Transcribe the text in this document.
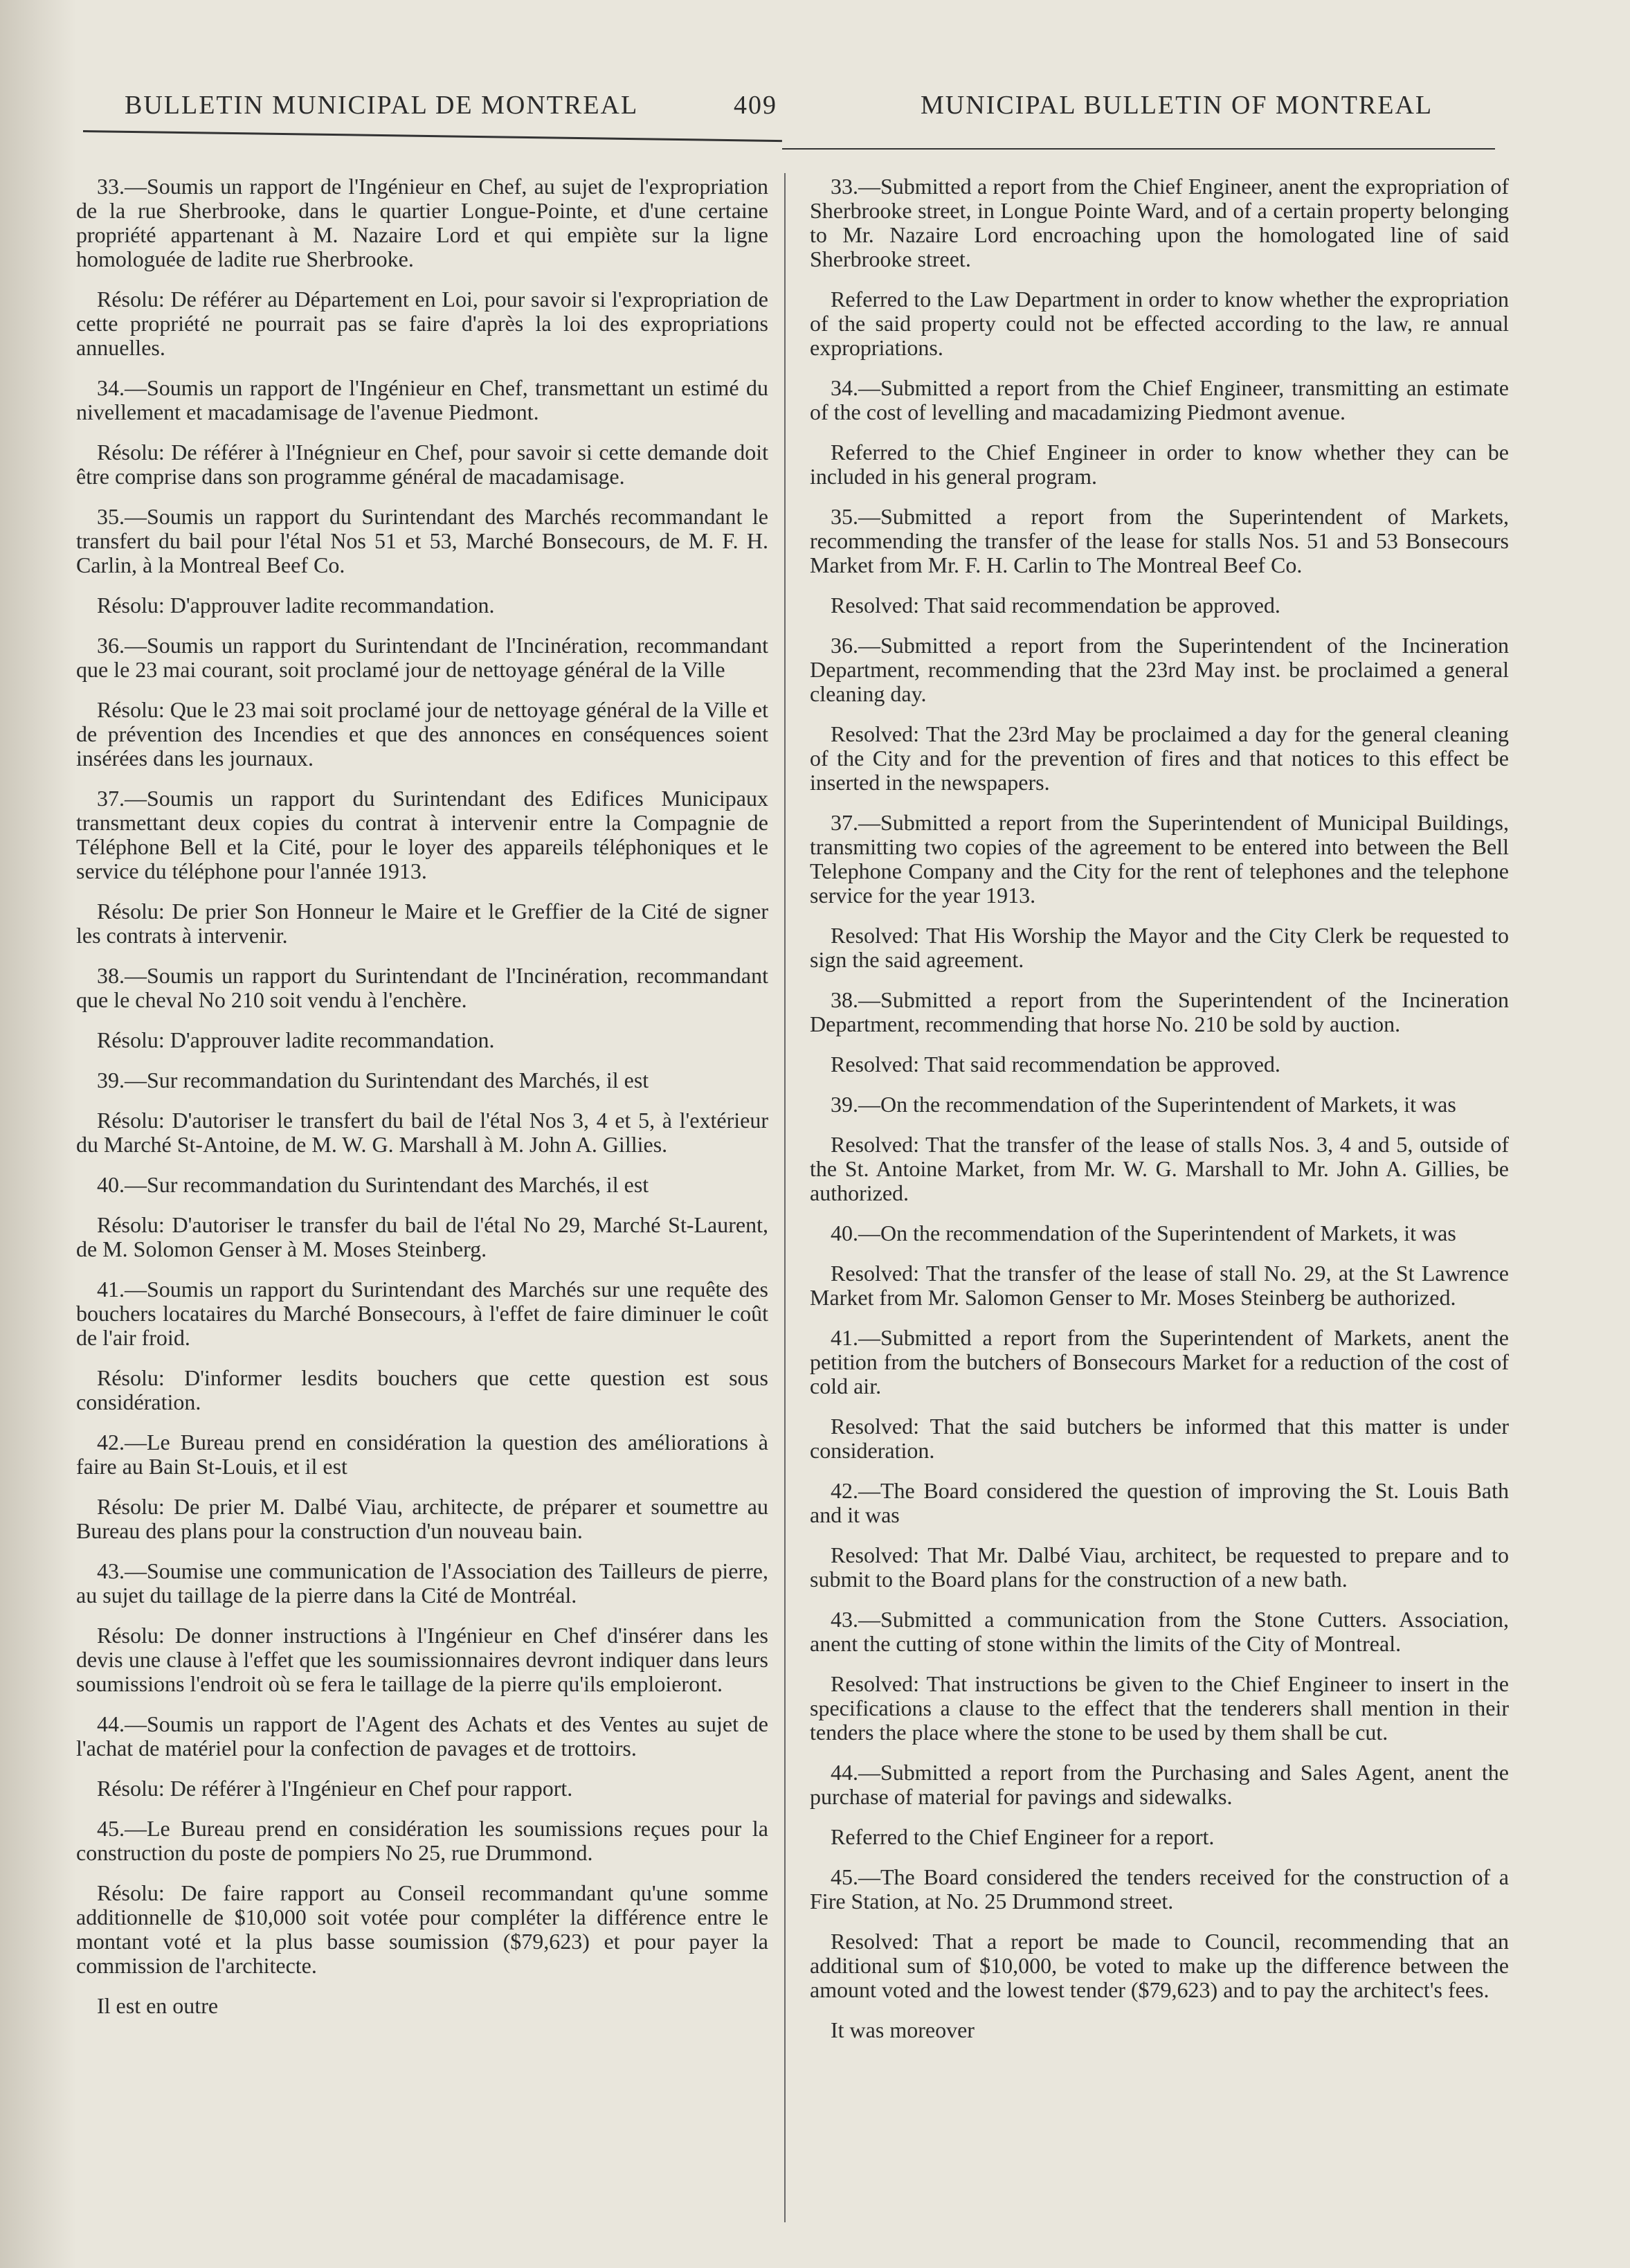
BULLETIN MUNICIPAL DE MONTREAL	409	MUNICIPAL BULLETIN OF MONTREAL

33.—Soumis un rapport de l'Ingénieur en Chef, au sujet de l'expropriation de la rue Sherbrooke, dans le quartier Longue-Pointe, et d'une certaine propriété appartenant à M. Nazaire Lord et qui empiète sur la ligne homologuée de ladite rue Sherbrooke.

Résolu: De référer au Département en Loi, pour savoir si l'expropriation de cette propriété ne pourrait pas se faire d'après la loi des expropriations annuelles.

34.—Soumis un rapport de l'Ingénieur en Chef, transmettant un estimé du nivellement et macadamisage de l'avenue Piedmont.

Résolu: De référer à l'Inégnieur en Chef, pour savoir si cette demande doit être comprise dans son programme général de macadamisage.

35.—Soumis un rapport du Surintendant des Marchés recommandant le transfert du bail pour l'étal Nos 51 et 53, Marché Bonsecours, de M. F. H. Carlin, à la Montreal Beef Co.

Résolu: D'approuver ladite recommandation.

36.—Soumis un rapport du Surintendant de l'Incinération, recommandant que le 23 mai courant, soit proclamé jour de nettoyage général de la Ville

Résolu: Que le 23 mai soit proclamé jour de nettoyage général de la Ville et de prévention des Incendies et que des annonces en conséquences soient insérées dans les journaux.

37.—Soumis un rapport du Surintendant des Edifices Municipaux transmettant deux copies du contrat à intervenir entre la Compagnie de Téléphone Bell et la Cité, pour le loyer des appareils téléphoniques et le service du téléphone pour l'année 1913.

Résolu: De prier Son Honneur le Maire et le Greffier de la Cité de signer les contrats à intervenir.

38.—Soumis un rapport du Surintendant de l'Incinération, recommandant que le cheval No 210 soit vendu à l'enchère.

Résolu: D'approuver ladite recommandation.

39.—Sur recommandation du Surintendant des Marchés, il est

Résolu: D'autoriser le transfert du bail de l'étal Nos 3, 4 et 5, à l'extérieur du Marché St-Antoine, de M. W. G. Marshall à M. John A. Gillies.

40.—Sur recommandation du Surintendant des Marchés, il est

Résolu: D'autoriser le transfer du bail de l'étal No 29, Marché St-Laurent, de M. Solomon Genser à M. Moses Steinberg.

41.—Soumis un rapport du Surintendant des Marchés sur une requête des bouchers locataires du Marché Bonsecours, à l'effet de faire diminuer le coût de l'air froid.

Résolu: D'informer lesdits bouchers que cette question est sous considération.

42.—Le Bureau prend en considération la question des améliorations à faire au Bain St-Louis, et il est

Résolu: De prier M. Dalbé Viau, architecte, de préparer et soumettre au Bureau des plans pour la construction d'un nouveau bain.

43.—Soumise une communication de l'Association des Tailleurs de pierre, au sujet du taillage de la pierre dans la Cité de Montréal.

Résolu: De donner instructions à l'Ingénieur en Chef d'insérer dans les devis une clause à l'effet que les soumissionnaires devront indiquer dans leurs soumissions l'endroit où se fera le taillage de la pierre qu'ils emploieront.

44.—Soumis un rapport de l'Agent des Achats et des Ventes au sujet de l'achat de matériel pour la confection de pavages et de trottoirs.

Résolu: De référer à l'Ingénieur en Chef pour rapport.

45.—Le Bureau prend en considération les soumissions reçues pour la construction du poste de pompiers No 25, rue Drummond.

Résolu: De faire rapport au Conseil recommandant qu'une somme additionnelle de $10,000 soit votée pour compléter la différence entre le montant voté et la plus basse soumission ($79,623) et pour payer la commission de l'architecte.

Il est en outre

33.—Submitted a report from the Chief Engineer, anent the expropriation of Sherbrooke street, in Longue Pointe Ward, and of a certain property belonging to Mr. Nazaire Lord encroaching upon the homologated line of said Sherbrooke street.

Referred to the Law Department in order to know whether the expropriation of the said property could not be effected according to the law, re annual expropriations.

34.—Submitted a report from the Chief Engineer, transmitting an estimate of the cost of levelling and macadamizing Piedmont avenue.

Referred to the Chief Engineer in order to know whether they can be included in his general program.

35.—Submitted a report from the Superintendent of Markets, recommending the transfer of the lease for stalls Nos. 51 and 53 Bonsecours Market from Mr. F. H. Carlin to The Montreal Beef Co.

Resolved: That said recommendation be approved.

36.—Submitted a report from the Superintendent of the Incineration Department, recommending that the 23rd May inst. be proclaimed a general cleaning day.

Resolved: That the 23rd May be proclaimed a day for the general cleaning of the City and for the prevention of fires and that notices to this effect be inserted in the newspapers.

37.—Submitted a report from the Superintendent of Municipal Buildings, transmitting two copies of the agreement to be entered into between the Bell Telephone Company and the City for the rent of telephones and the telephone service for the year 1913.

Resolved: That His Worship the Mayor and the City Clerk be requested to sign the said agreement.

38.—Submitted a report from the Superintendent of the Incineration Department, recommending that horse No. 210 be sold by auction.

Resolved: That said recommendation be approved.

39.—On the recommendation of the Superintendent of Markets, it was

Resolved: That the transfer of the lease of stalls Nos. 3, 4 and 5, outside of the St. Antoine Market, from Mr. W. G. Marshall to Mr. John A. Gillies, be authorized.

40.—On the recommendation of the Superintendent of Markets, it was

Resolved: That the transfer of the lease of stall No. 29, at the St Lawrence Market from Mr. Salomon Genser to Mr. Moses Steinberg be authorized.

41.—Submitted a report from the Superintendent of Markets, anent the petition from the butchers of Bonsecours Market for a reduction of the cost of cold air.

Resolved: That the said butchers be informed that this matter is under consideration.

42.—The Board considered the question of improving the St. Louis Bath and it was

Resolved: That Mr. Dalbé Viau, architect, be requested to prepare and to submit to the Board plans for the construction of a new bath.

43.—Submitted a communication from the Stone Cutters. Association, anent the cutting of stone within the limits of the City of Montreal.

Resolved: That instructions be given to the Chief Engineer to insert in the specifications a clause to the effect that the tenderers shall mention in their tenders the place where the stone to be used by them shall be cut.

44.—Submitted a report from the Purchasing and Sales Agent, anent the purchase of material for pavings and sidewalks.

Referred to the Chief Engineer for a report.

45.—The Board considered the tenders received for the construction of a Fire Station, at No. 25 Drummond street.

Resolved: That a report be made to Council, recommending that an additional sum of $10,000, be voted to make up the difference between the amount voted and the lowest tender ($79,623) and to pay the architect's fees.

It was moreover
